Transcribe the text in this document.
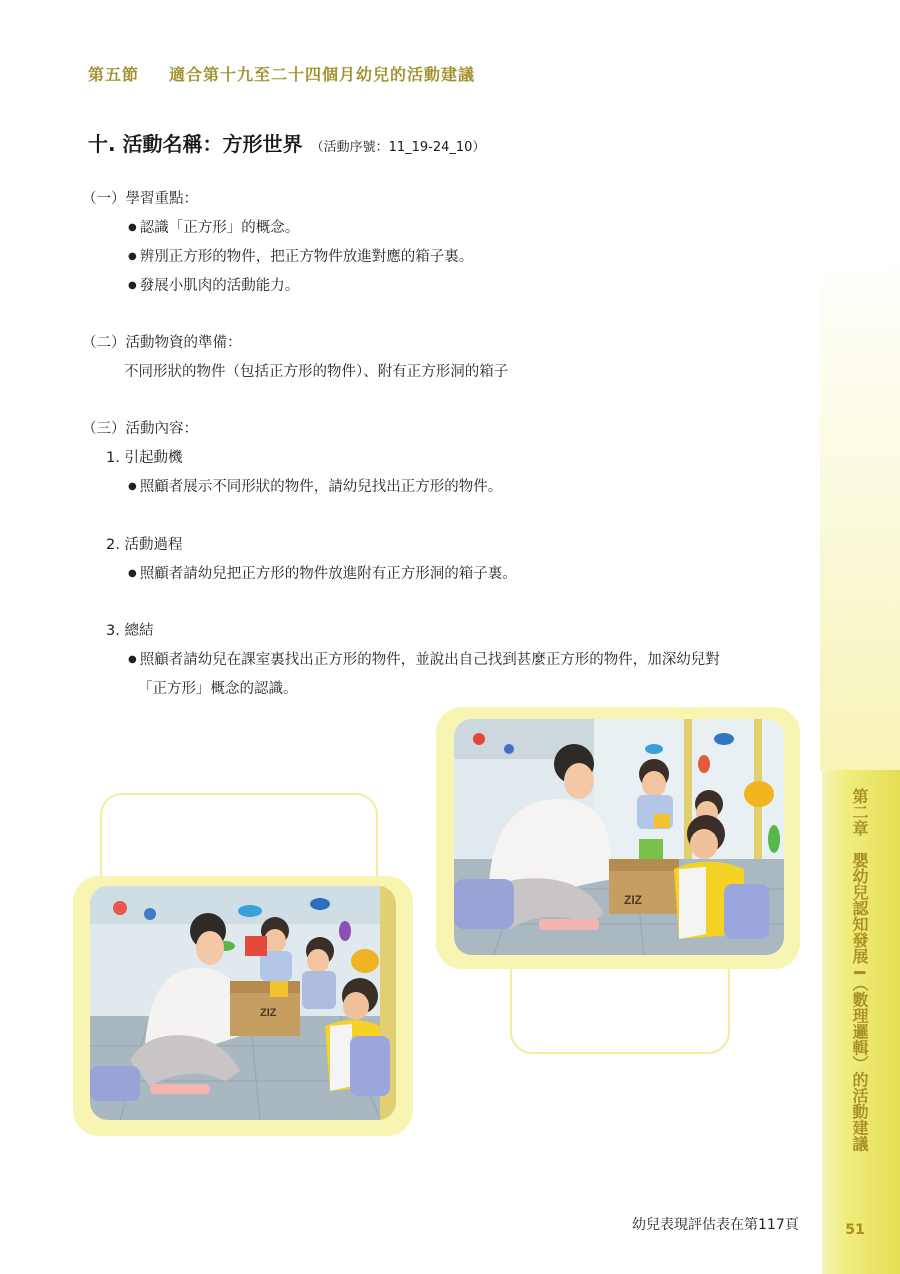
第五節 適合第十九至二十四個月幼兒的活動建議
十. 活動名稱：方形世界 （活動序號：11_19-24_10）
（一）學習重點：
● 認識「正方形」的概念。
● 辨別正方形的物件，把正方物件放進對應的箱子裏。
● 發展小肌肉的活動能力。
（二）活動物資的準備：
不同形狀的物件（包括正方形的物件）、附有正方形洞的箱子
（三）活動內容：
1. 引起動機
● 照顧者展示不同形狀的物件，請幼兒找出正方形的物件。
2. 活動過程
● 照顧者請幼兒把正方形的物件放進附有正方形洞的箱子裏。
3. 總結
● 照顧者請幼兒在課室裏找出正方形的物件，並說出自己找到甚麼正方形的物件，加深幼兒對
「正方形」概念的認識。
第二章　嬰幼兒認知發展 I（數理邏輯）的活動建議
51
幼兒表現評估表在第117頁
ZIZ
ZIZ
